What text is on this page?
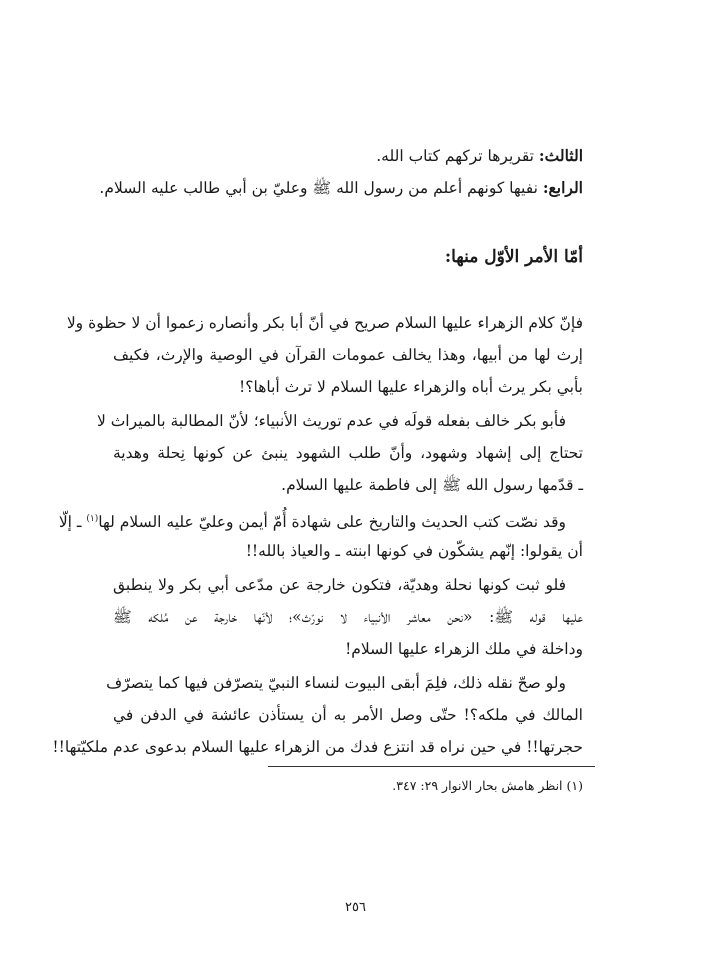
الثالث: تقريرها تركهم كتاب الله.
الرابع: نفيها كونهم أعلم من رسول الله ﷺ وعليّ بن أبي طالب عليه السلام.
أمّا الأمر الأوّل منها:
فإنّ كلام الزهراء عليها السلام صريح في أنّ أبا بكر وأنصاره زعموا أن لا حظوة ولا
إرث لها من أبيها، وهذا يخالف عمومات القرآن في الوصية والإرث، فكيف
بأبي بكر يرث أباه والزهراء عليها السلام لا ترث أباها؟!
فأبو بكر خالف بفعله قولَه في عدم توريث الأنبياء؛ لأنّ المطالبة بالميراث لا
تحتاج إلى إشهاد وشهود، وأنّ طلب الشهود ينبئ عن كونها نِحلة وهدية
ـ قدّمها رسول الله ﷺ إلى فاطمة عليها السلام.
وقد نصّت كتب الحديث والتاريخ على شهادة أُمّ أيمن وعليّ عليه السلام لها$^{(١)}$ ـ إلّا
أن يقولوا: إنّهم يشكّون في كونها ابنته ـ والعياذ بالله!!
فلو ثبت كونها نحلة وهديّة، فتكون خارجة عن مدّعى أبي بكر ولا ينطبق
عليها قوله ﷺ: «نحن معاشر الأنبياء لا نورّث»؛ لأنّها خارجة عن مُلكه ﷺ
وداخلة في ملك الزهراء عليها السلام!
ولو صحّ نقله ذلك، فلِمَ أبقى البيوت لنساء النبيّ يتصرّفن فيها كما يتصرّف
المالك في ملكه؟! حتّى وصل الأمر به أن يستأذن عائشة في الدفن في
حجرتها!! في حين نراه قد انتزع فدك من الزهراء عليها السلام بدعوى عدم ملكيّتها!!
(١) انظر هامش بحار الانوار ٢٩: ٣٤٧.
٢٥٦
